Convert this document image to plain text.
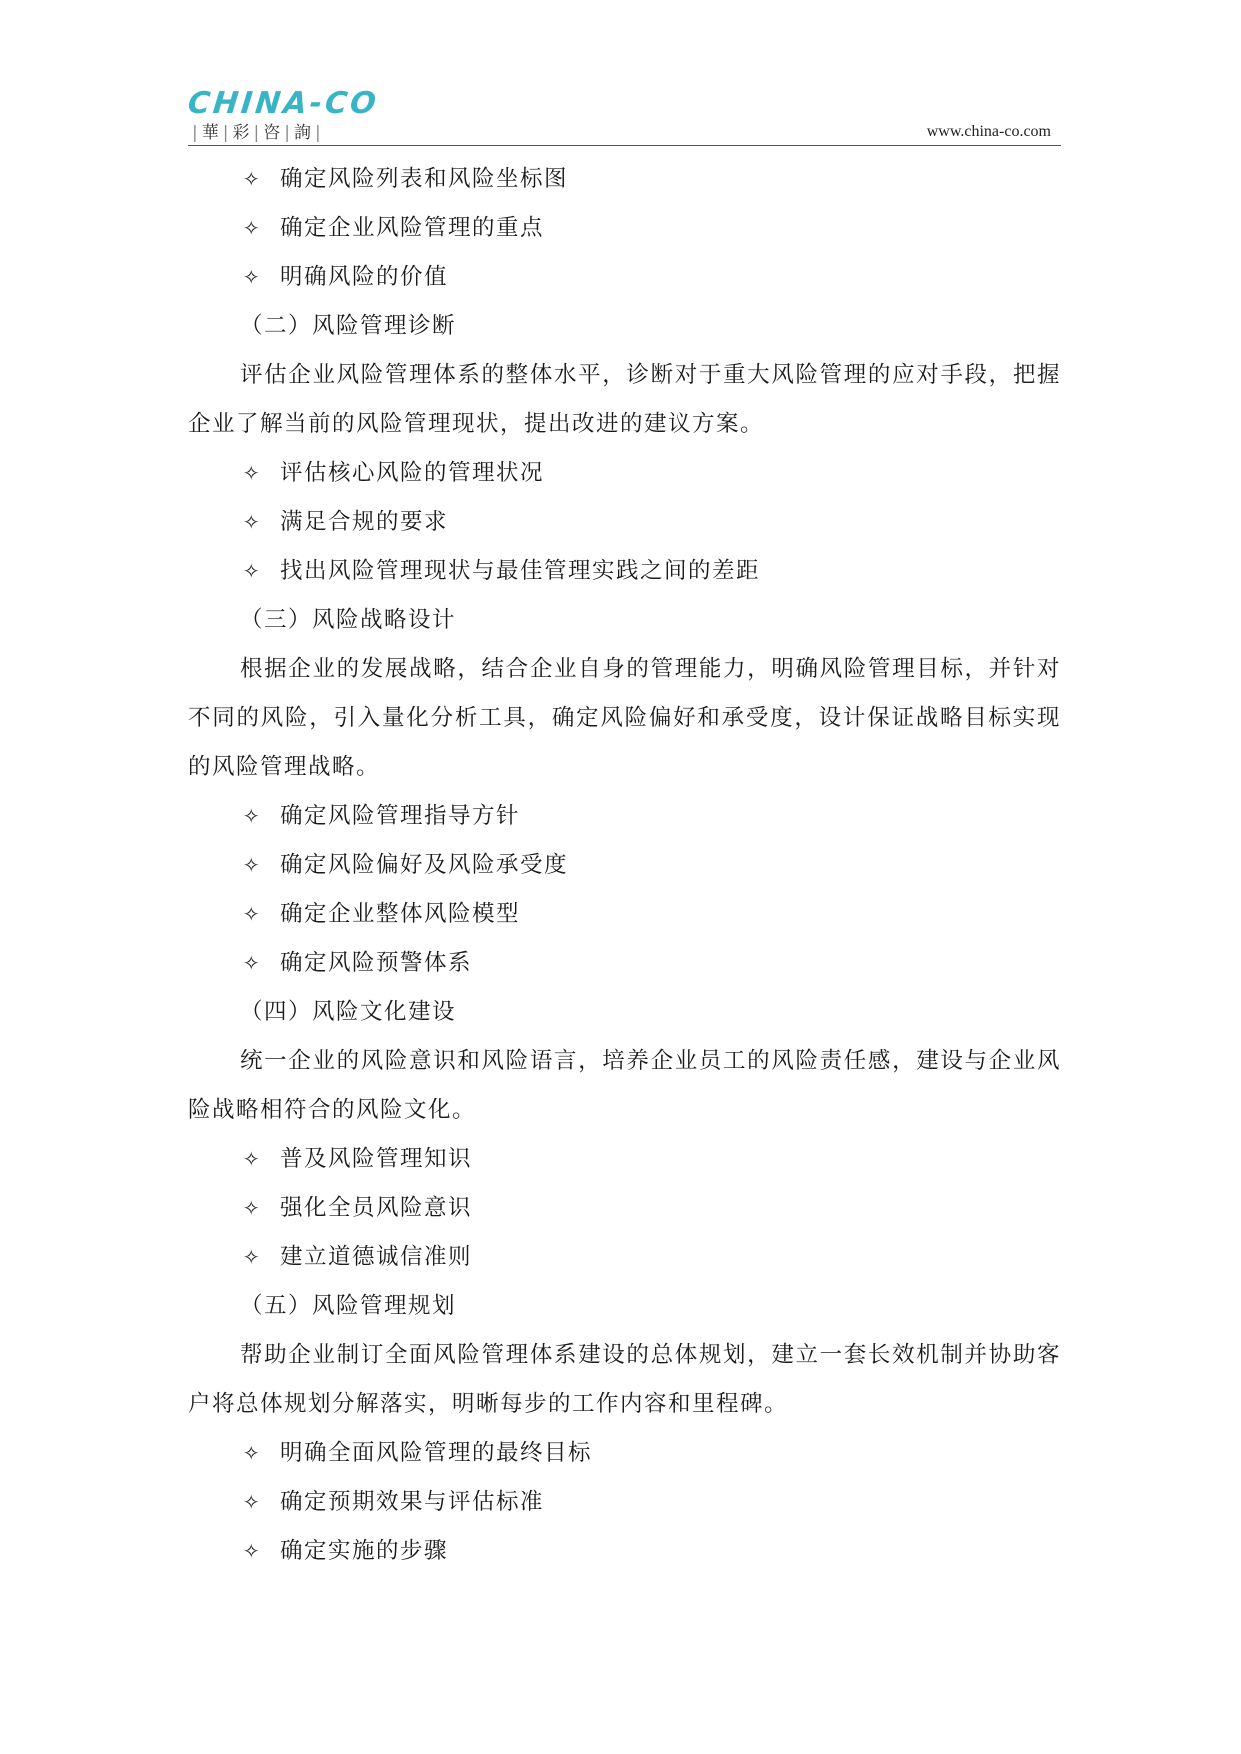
CHINA-CO
| 華 | 彩 | 咨 | 詢 |	www.china-co.com
✧ 确定风险列表和风险坐标图
✧ 确定企业风险管理的重点
✧ 明确风险的价值
（二）风险管理诊断
评估企业风险管理体系的整体水平，诊断对于重大风险管理的应对手段，把握企业了解当前的风险管理现状，提出改进的建议方案。
✧ 评估核心风险的管理状况
✧ 满足合规的要求
✧ 找出风险管理现状与最佳管理实践之间的差距
（三）风险战略设计
根据企业的发展战略，结合企业自身的管理能力，明确风险管理目标，并针对不同的风险，引入量化分析工具，确定风险偏好和承受度，设计保证战略目标实现的风险管理战略。
✧ 确定风险管理指导方针
✧ 确定风险偏好及风险承受度
✧ 确定企业整体风险模型
✧ 确定风险预警体系
（四）风险文化建设
统一企业的风险意识和风险语言，培养企业员工的风险责任感，建设与企业风险战略相符合的风险文化。
✧ 普及风险管理知识
✧ 强化全员风险意识
✧ 建立道德诚信准则
（五）风险管理规划
帮助企业制订全面风险管理体系建设的总体规划，建立一套长效机制并协助客户将总体规划分解落实，明晰每步的工作内容和里程碑。
✧ 明确全面风险管理的最终目标
✧ 确定预期效果与评估标准
✧ 确定实施的步骤
